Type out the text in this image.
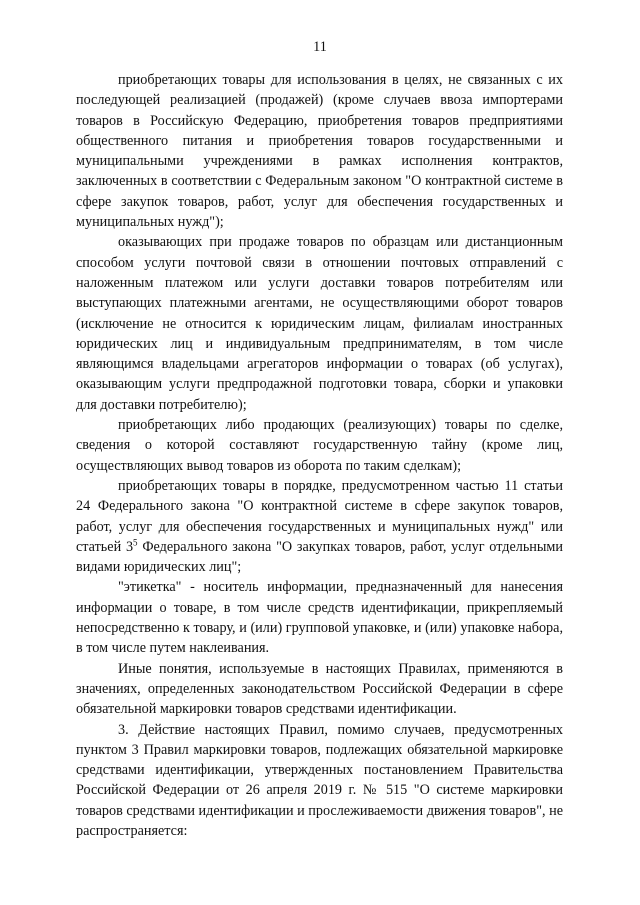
11

приобретающих товары для использования в целях, не связанных с их последующей реализацией (продажей) (кроме случаев ввоза импортерами товаров в Российскую Федерацию, приобретения товаров предприятиями общественного питания и приобретения товаров государственными и муниципальными учреждениями в рамках исполнения контрактов, заключенных в соответствии с Федеральным законом "О контрактной системе в сфере закупок товаров, работ, услуг для обеспечения государственных и муниципальных нужд");

оказывающих при продаже товаров по образцам или дистанционным способом услуги почтовой связи в отношении почтовых отправлений с наложенным платежом или услуги доставки товаров потребителям или выступающих платежными агентами, не осуществляющими оборот товаров (исключение не относится к юридическим лицам, филиалам иностранных юридических лиц и индивидуальным предпринимателям, в том числе являющимся владельцами агрегаторов информации о товарах (об услугах), оказывающим услуги предпродажной подготовки товара, сборки и упаковки для доставки потребителю);

приобретающих либо продающих (реализующих) товары по сделке, сведения о которой составляют государственную тайну (кроме лиц, осуществляющих вывод товаров из оборота по таким сделкам);

приобретающих товары в порядке, предусмотренном частью 11 статьи 24 Федерального закона "О контрактной системе в сфере закупок товаров, работ, услуг для обеспечения государственных и муниципальных нужд" или статьей $3^5$ Федерального закона "О закупках товаров, работ, услуг отдельными видами юридических лиц";

"этикетка" - носитель информации, предназначенный для нанесения информации о товаре, в том числе средств идентификации, прикрепляемый непосредственно к товару, и (или) групповой упаковке, и (или) упаковке набора, в том числе путем наклеивания.

Иные понятия, используемые в настоящих Правилах, применяются в значениях, определенных законодательством Российской Федерации в сфере обязательной маркировки товаров средствами идентификации.

3. Действие настоящих Правил, помимо случаев, предусмотренных пунктом 3 Правил маркировки товаров, подлежащих обязательной маркировке средствами идентификации, утвержденных постановлением Правительства Российской Федерации от 26 апреля 2019 г. № 515 "О системе маркировки товаров средствами идентификации и прослеживаемости движения товаров", не распространяется:
